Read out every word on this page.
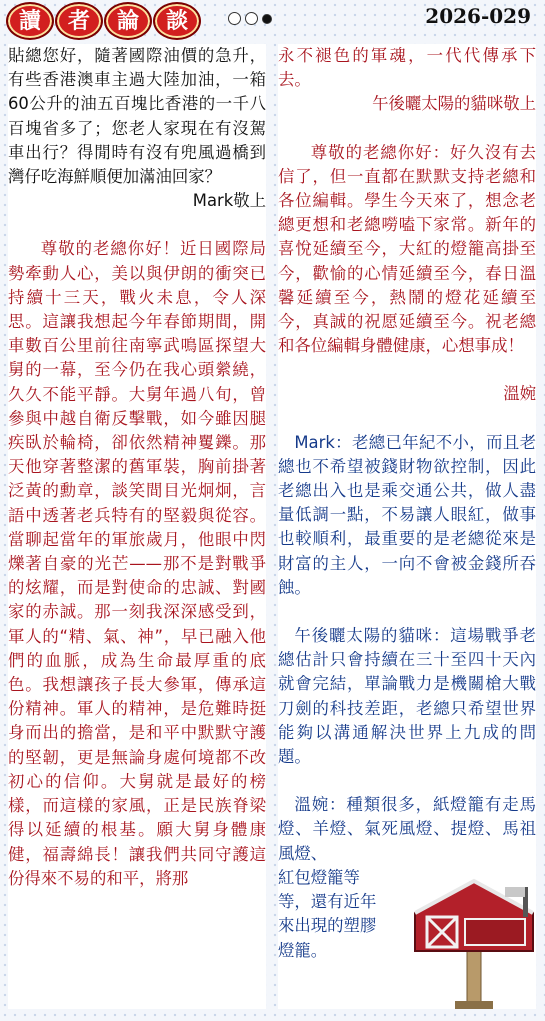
讀	者	論	談	2026-029

貼總您好，隨著國際油價的急升，有些香港澳車主過大陸加油，一箱60公升的油五百塊比香港的一千八百塊省多了；您老人家現在有沒駕車出行？得閒時有沒有兜風過橋到灣仔吃海鮮順便加滿油回家？

Mark敬上

尊敬的老總你好！近日國際局勢牽動人心，美以與伊朗的衝突已持續十三天，戰火未息，令人深思。這讓我想起今年春節期間，開車數百公里前往南寧武鳴區探望大舅的一幕，至今仍在我心頭縈繞，久久不能平靜。大舅年過八旬，曾參與中越自衛反擊戰，如今雖因腿疾臥於輪椅，卻依然精神矍鑠。那天他穿著整潔的舊軍裝，胸前掛著泛黃的勳章，談笑間目光炯炯，言語中透著老兵特有的堅毅與從容。當聊起當年的軍旅歲月，他眼中閃爍著自豪的光芒——那不是對戰爭的炫耀，而是對使命的忠誠、對國家的赤誠。那一刻我深深感受到，軍人的“精、氣、神”，早已融入他們的血脈，成為生命最厚重的底色。我想讓孩子長大參軍，傳承這份精神。軍人的精神，是危難時挺身而出的擔當，是和平中默默守護的堅韌，更是無論身處何境都不改初心的信仰。大舅就是最好的榜樣，而這樣的家風，正是民族脊梁得以延續的根基。願大舅身體康健，福壽綿長！讓我們共同守護這份得來不易的和平，將那

永不褪色的軍魂，一代代傳承下去。

午後曬太陽的貓咪敬上

尊敬的老總你好：好久沒有去信了，但一直都在默默支持老總和各位編輯。學生今天來了，想念老總更想和老總嘮嗑下家常。新年的喜悅延續至今，大紅的燈籠高掛至今，歡愉的心情延續至今，春日溫馨延續至今，熱鬧的燈花延續至今，真誠的祝愿延續至今。祝老總和各位編輯身體健康，心想事成！

溫婉

Mark：老總已年紀不小，而且老總也不希望被錢財物欲控制，因此老總出入也是乘交通公共，做人盡量低調一點，不易讓人眼紅，做事也較順利，最重要的是老總從來是財富的主人，一向不會被金錢所吞蝕。

午後曬太陽的貓咪：這場戰爭老總估計只會持續在三十至四十天內就會完結，單論戰力是機關槍大戰刀劍的科技差距，老總只希望世界能夠以溝通解決世界上九成的問題。

溫婉：種類很多，紙燈籠有走馬燈、羊燈、氣死風燈、提燈、馬祖風燈、

紅包燈籠等

等，還有近年

來出現的塑膠

燈籠。
